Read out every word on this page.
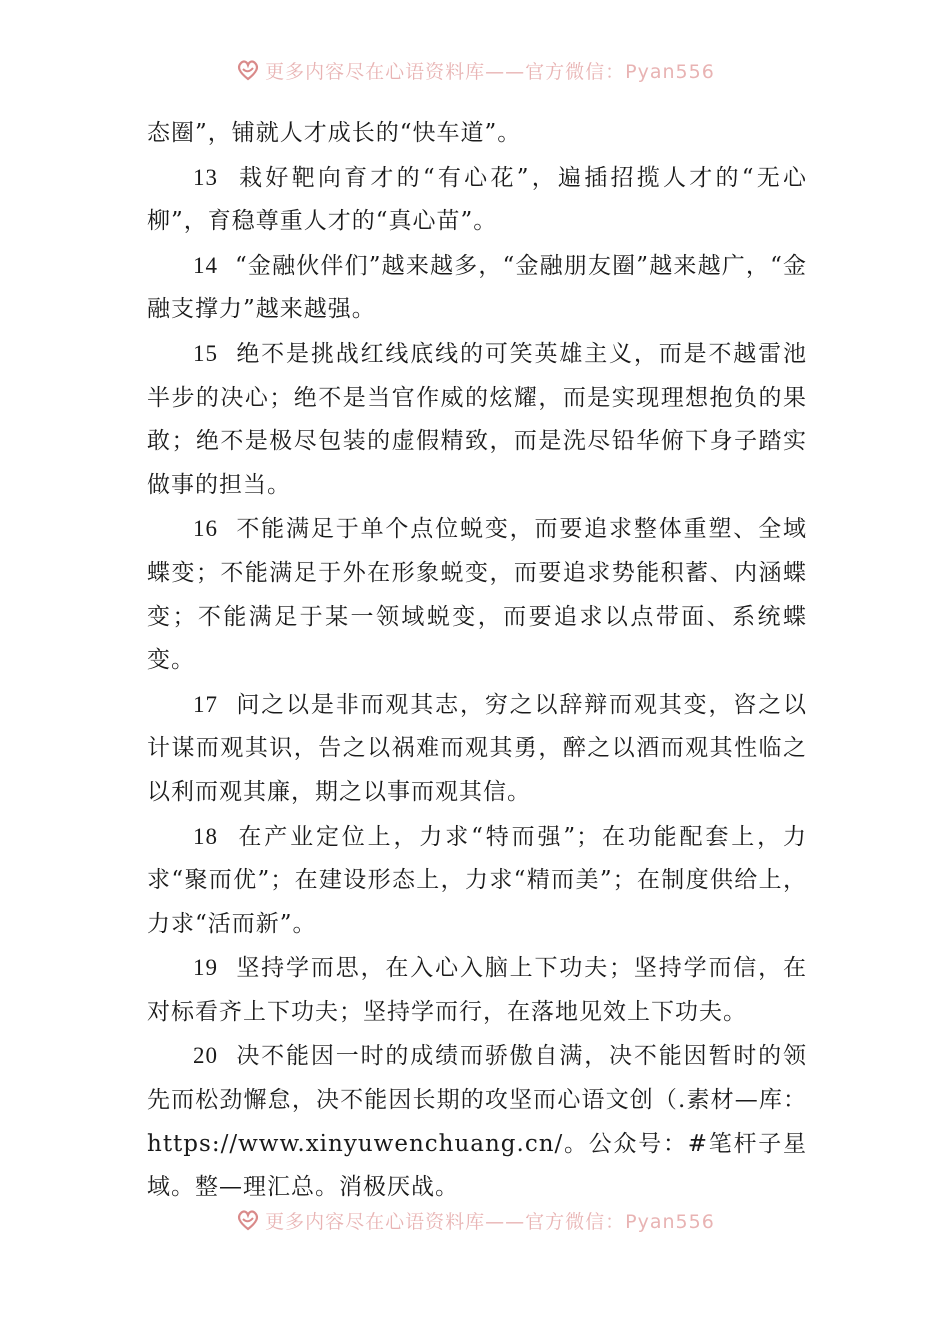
更多内容尽在心语资料库——官方微信：Pyan556

态圈”，铺就人才成长的“快车道”。

13 栽好靶向育才的“有心花”，遍插招揽人才的“无心柳”，育稳尊重人才的“真心苗”。

14 “金融伙伴们”越来越多，“金融朋友圈”越来越广，“金融支撑力”越来越强。

15 绝不是挑战红线底线的可笑英雄主义，而是不越雷池半步的决心；绝不是当官作威的炫耀，而是实现理想抱负的果敢；绝不是极尽包装的虚假精致，而是洗尽铅华俯下身子踏实做事的担当。

16 不能满足于单个点位蜕变，而要追求整体重塑、全域蝶变；不能满足于外在形象蜕变，而要追求势能积蓄、内涵蝶变；不能满足于某一领域蜕变，而要追求以点带面、系统蝶变。

17 问之以是非而观其志，穷之以辞辩而观其变，咨之以计谋而观其识，告之以祸难而观其勇，醉之以酒而观其性临之以利而观其廉，期之以事而观其信。

18 在产业定位上，力求“特而强”；在功能配套上，力求“聚而优”；在建设形态上，力求“精而美”；在制度供给上，力求“活而新”。

19 坚持学而思，在入心入脑上下功夫；坚持学而信，在对标看齐上下功夫；坚持学而行，在落地见效上下功夫。

20 决不能因一时的成绩而骄傲自满，决不能因暂时的领先而松劲懈怠，决不能因长期的攻坚而心语文创（.素材—库：https://www.xinyuwenchuang.cn/。公众号：#笔杆子星域。整—理汇总。消极厌战。

更多内容尽在心语资料库——官方微信：Pyan556
